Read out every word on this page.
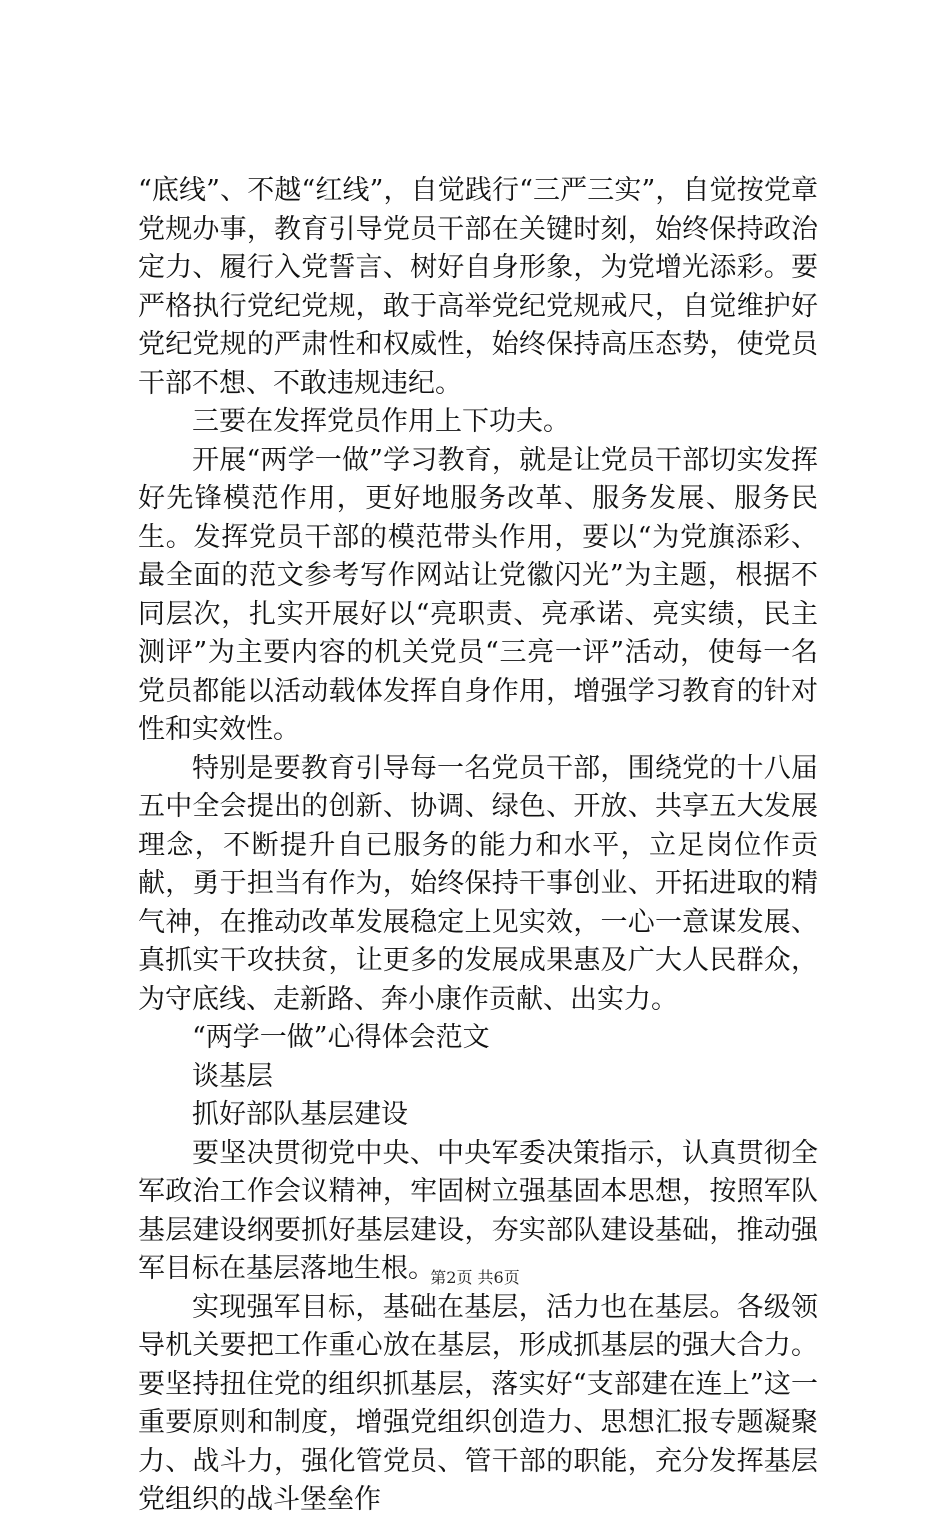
“底线”、不越“红线”，自觉践行“三严三实”，自觉按党章党规办事，教育引导党员干部在关键时刻，始终保持政治定力、履行入党誓言、树好自身形象，为党增光添彩。要严格执行党纪党规，敢于高举党纪党规戒尺，自觉维护好党纪党规的严肃性和权威性，始终保持高压态势，使党员干部不想、不敢违规违纪。

三要在发挥党员作用上下功夫。

开展“两学一做”学习教育，就是让党员干部切实发挥好先锋模范作用，更好地服务改革、服务发展、服务民生。发挥党员干部的模范带头作用，要以“为党旗添彩、最全面的范文参考写作网站让党徽闪光”为主题，根据不同层次，扎实开展好以“亮职责、亮承诺、亮实绩，民主测评”为主要内容的机关党员“三亮一评”活动，使每一名党员都能以活动载体发挥自身作用，增强学习教育的针对性和实效性。

特别是要教育引导每一名党员干部，围绕党的十八届五中全会提出的创新、协调、绿色、开放、共享五大发展理念，不断提升自已服务的能力和水平，立足岗位作贡献，勇于担当有作为，始终保持干事创业、开拓进取的精气神，在推动改革发展稳定上见实效，一心一意谋发展、真抓实干攻扶贫，让更多的发展成果惠及广大人民群众，为守底线、走新路、奔小康作贡献、出实力。

“两学一做”心得体会范文

谈基层

抓好部队基层建设

要坚决贯彻党中央、中央军委决策指示，认真贯彻全军政治工作会议精神，牢固树立强基固本思想，按照军队基层建设纲要抓好基层建设，夯实部队建设基础，推动强军目标在基层落地生根。

实现强军目标，基础在基层，活力也在基层。各级领导机关要把工作重心放在基层，形成抓基层的强大合力。要坚持扭住党的组织抓基层，落实好“支部建在连上”这一重要原则和制度，增强党组织创造力、思想汇报专题凝聚力、战斗力，强化管党员、管干部的职能，充分发挥基层党组织的战斗堡垒作

第2页 共6页
